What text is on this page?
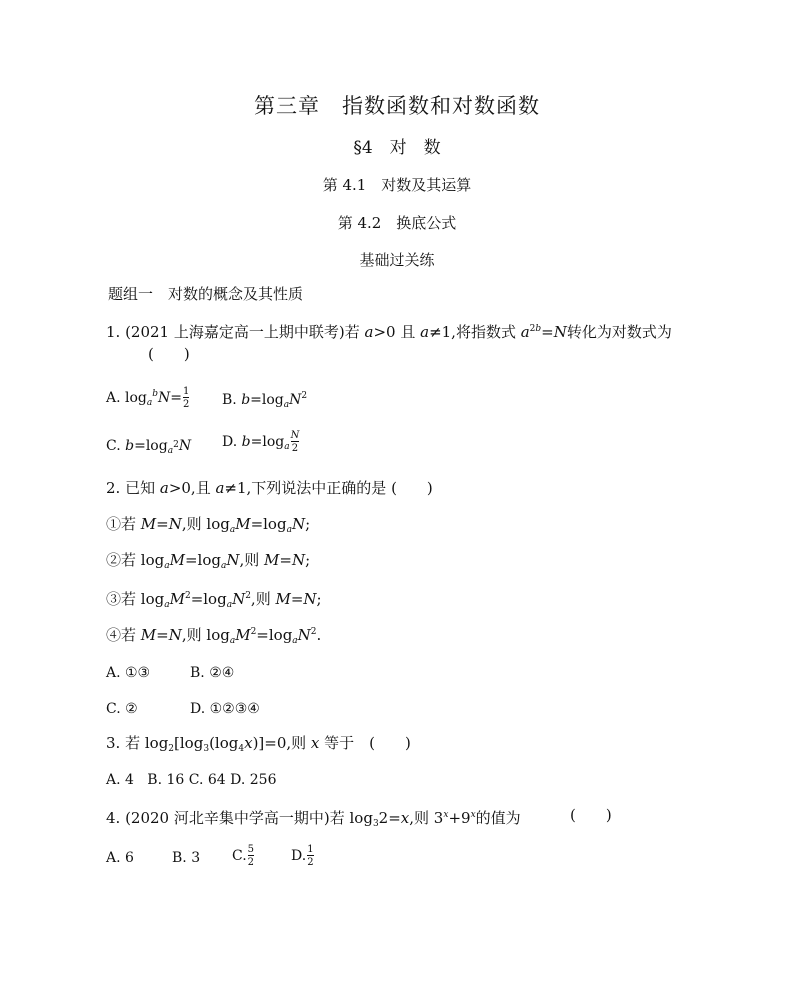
第三章　指数函数和对数函数
§4　对　数
第 4.1　对数及其运算
第 4.2　换底公式
基础过关练
题组一　对数的概念及其性质
1. (2021 上海嘉定高一上期中联考)若 a>0 且 a≠1,将指数式 $a^{2b}=N$转化为对数式为
(　　)
A. $\log_a^bN= \frac{1}{2} B$. $b=\log_aN^2$
C. $b=\log_{a^2}N$ D. $b=\log_a \frac{N}{2}$
2. 已知 a>0,且 a≠1,下列说法中正确的是 (　　)
①若 M=N,则 $\log_aM=\log_aN$;
②若 $\log_aM=\log_aN$,则 M=N;
③若 $\log_aM^2=\log_aN^2$,则 M=N;
④若 M=N,则 $\log_aM^2=\log_aN^2$.
A. ①③	B. ②④
C. ②	D. ①②③④
3. 若 $\log_2[\log_3(\log_4x)]=0$,则 x 等于　(　　)
A. 4 B. 16 C. 64 D. 256
4. (2020 河北辛集中学高一期中)若 $\log_32=x$,则 $3^x+9^x$的值为	(　　)
A. 6	B. 3 C. $\frac{5}{2}$	D. $\frac{1}{2}$
